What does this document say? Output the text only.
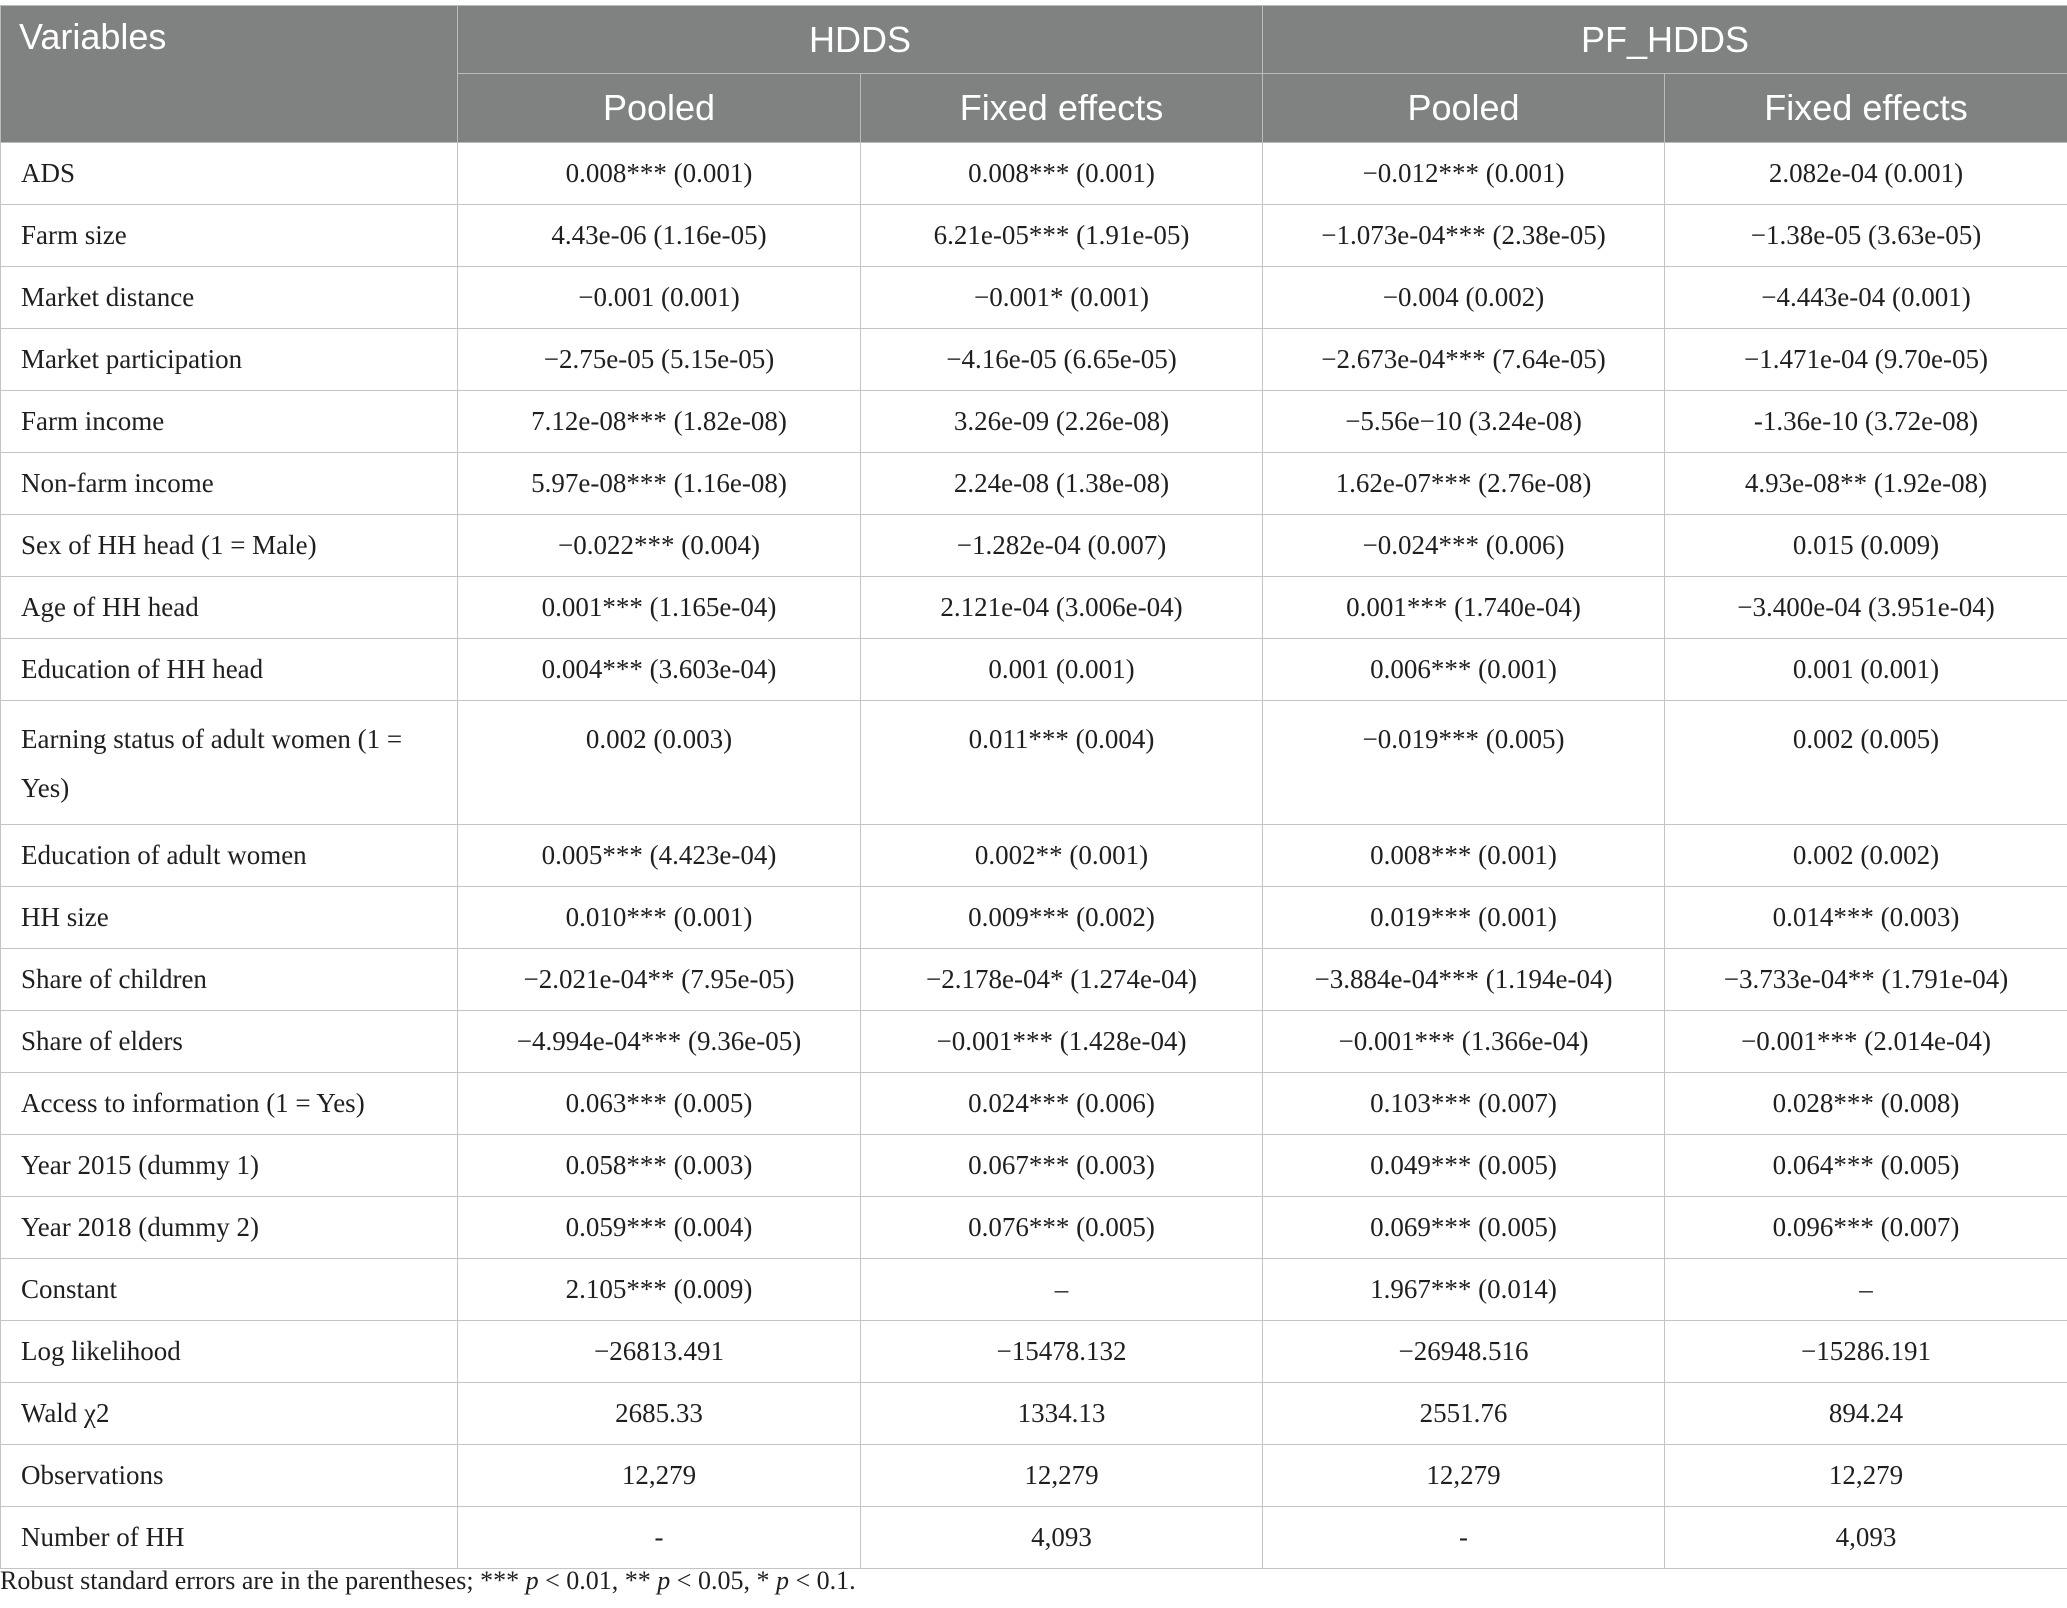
Variables	HDDS		PF_HDDS	
	Pooled	Fixed effects	Pooled	Fixed effects
ADS	0.008*** (0.001)	0.008*** (0.001)	−0.012*** (0.001)	2.082e-04 (0.001)
Farm size	4.43e-06 (1.16e-05)	6.21e-05*** (1.91e-05)	−1.073e-04*** (2.38e-05)	−1.38e-05 (3.63e-05)
Market distance	−0.001 (0.001)	−0.001* (0.001)	−0.004 (0.002)	−4.443e-04 (0.001)
Market participation	−2.75e-05 (5.15e-05)	−4.16e-05 (6.65e-05)	−2.673e-04*** (7.64e-05)	−1.471e-04 (9.70e-05)
Farm income	7.12e-08*** (1.82e-08)	3.26e-09 (2.26e-08)	−5.56e−10 (3.24e-08)	-1.36e-10 (3.72e-08)
Non-farm income	5.97e-08*** (1.16e-08)	2.24e-08 (1.38e-08)	1.62e-07*** (2.76e-08)	4.93e-08** (1.92e-08)
Sex of HH head (1 = Male)	−0.022*** (0.004)	−1.282e-04 (0.007)	−0.024*** (0.006)	0.015 (0.009)
Age of HH head	0.001*** (1.165e-04)	2.121e-04 (3.006e-04)	0.001*** (1.740e-04)	−3.400e-04 (3.951e-04)
Education of HH head	0.004*** (3.603e-04)	0.001 (0.001)	0.006*** (0.001)	0.001 (0.001)
Earning status of adult women (1 = Yes)	0.002 (0.003)	0.011*** (0.004)	−0.019*** (0.005)	0.002 (0.005)
Education of adult women	0.005*** (4.423e-04)	0.002** (0.001)	0.008*** (0.001)	0.002 (0.002)
HH size	0.010*** (0.001)	0.009*** (0.002)	0.019*** (0.001)	0.014*** (0.003)
Share of children	−2.021e-04** (7.95e-05)	−2.178e-04* (1.274e-04)	−3.884e-04*** (1.194e-04)	−3.733e-04** (1.791e-04)
Share of elders	−4.994e-04*** (9.36e-05)	−0.001*** (1.428e-04)	−0.001*** (1.366e-04)	−0.001*** (2.014e-04)
Access to information (1 = Yes)	0.063*** (0.005)	0.024*** (0.006)	0.103*** (0.007)	0.028*** (0.008)
Year 2015 (dummy 1)	0.058*** (0.003)	0.067*** (0.003)	0.049*** (0.005)	0.064*** (0.005)
Year 2018 (dummy 2)	0.059*** (0.004)	0.076*** (0.005)	0.069*** (0.005)	0.096*** (0.007)
Constant	2.105*** (0.009)	–	1.967*** (0.014)	–
Log likelihood	−26813.491	−15478.132	−26948.516	−15286.191
Wald χ2	2685.33	1334.13	2551.76	894.24
Observations	12,279	12,279	12,279	12,279
Number of HH	-	4,093	-	4,093
Robust standard errors are in the parentheses; *** p < 0.01, ** p < 0.05, * p < 0.1.
